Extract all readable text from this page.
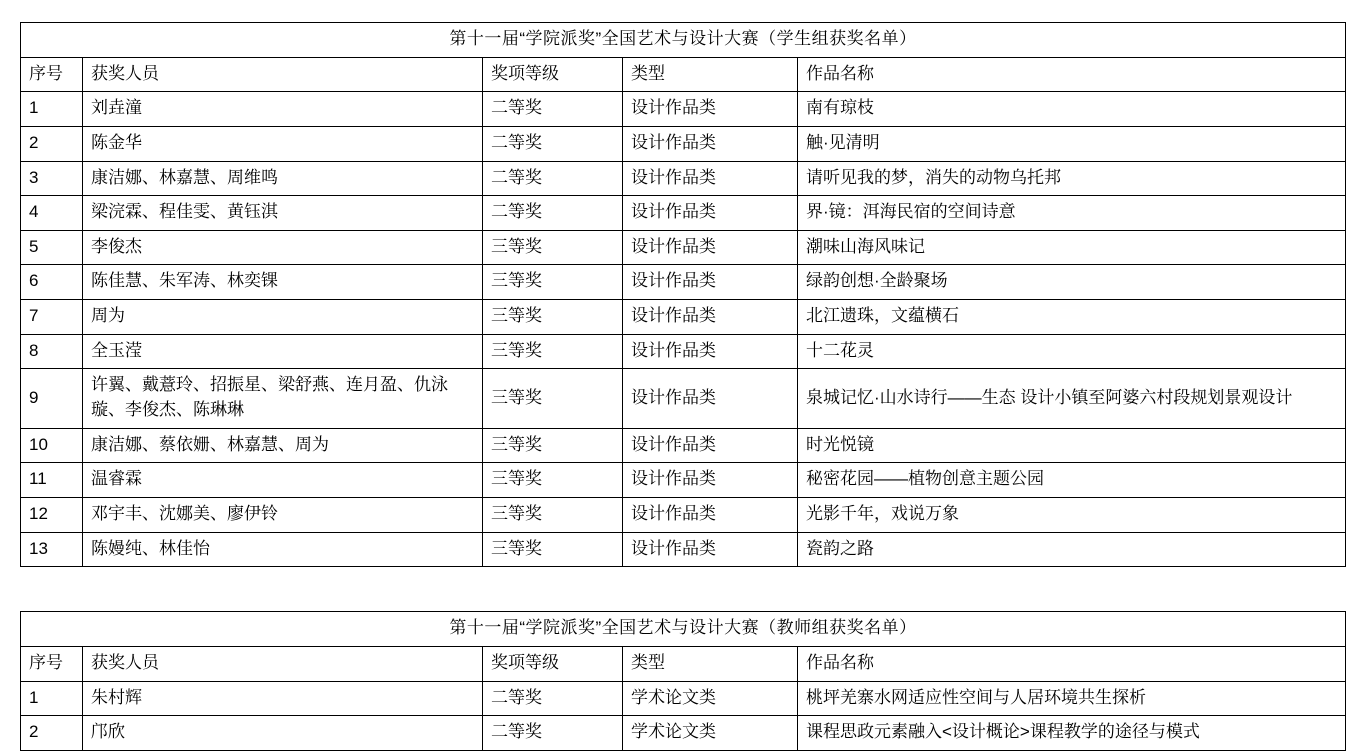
第十一届“学院派奖”全国艺术与设计大赛（学生组获奖名单）				
序号	获奖人员	奖项等级	类型	作品名称
1	刘垚潼	二等奖	设计作品类	南有琼枝
2	陈金华	二等奖	设计作品类	触·见清明
3	康洁娜、林嘉慧、周维鸣	二等奖	设计作品类	请听见我的梦，消失的动物乌托邦
4	梁浣霖、程佳雯、黄钰淇	二等奖	设计作品类	界·镜：洱海民宿的空间诗意
5	李俊杰	三等奖	设计作品类	潮味山海风味记
6	陈佳慧、朱军涛、林奕锞	三等奖	设计作品类	绿韵创想·全龄聚场
7	周为	三等奖	设计作品类	北江遗珠，文蕴横石
8	全玉滢	三等奖	设计作品类	十二花灵
9	许翼、戴薏玲、招振星、梁舒燕、连月盈、仇泳璇、李俊杰、陈琳琳	三等奖	设计作品类	泉城记忆·山水诗行——生态 设计小镇至阿婆六村段规划景观设计
10	康洁娜、蔡依姗、林嘉慧、周为	三等奖	设计作品类	时光悦镜
11	温睿霖	三等奖	设计作品类	秘密花园——植物创意主题公园
12	邓宇丰、沈娜美、廖伊铃	三等奖	设计作品类	光影千年，戏说万象
13	陈嫚纯、林佳怡	三等奖	设计作品类	瓷韵之路
第十一届“学院派奖”全国艺术与设计大赛（教师组获奖名单）				
序号	获奖人员	奖项等级	类型	作品名称
1	朱村辉	二等奖	学术论文类	桃坪羌寨水网适应性空间与人居环境共生探析
2	邝欣	二等奖	学术论文类	课程思政元素融入<设计概论>课程教学的途径与模式
